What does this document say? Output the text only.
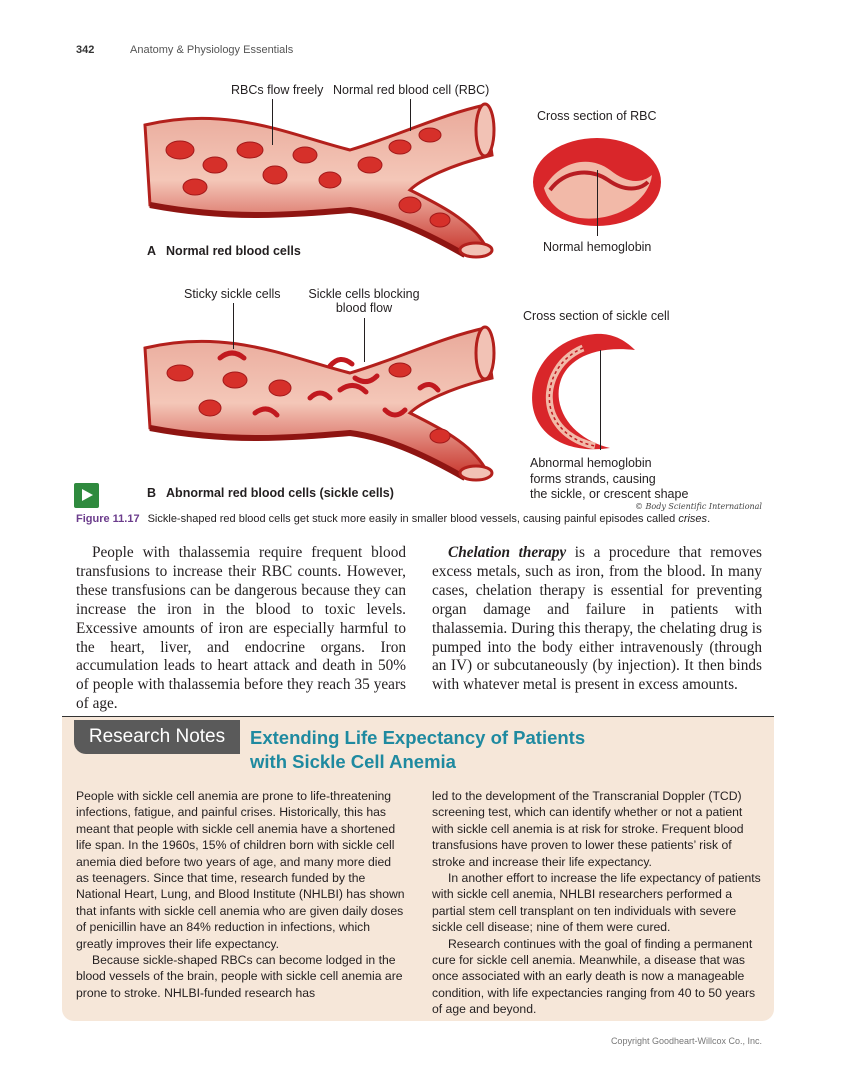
342	Anatomy & Physiology Essentials
RBCs flow freely Normal red blood cell (RBC)
Cross section of RBC
Normal hemoglobin
A Normal red blood cells
Sticky sickle cells	Sickle cells blocking
blood flow
Cross section of sickle cell
Abnormal hemoglobin
forms strands, causing
the sickle, or crescent shape
B Abnormal red blood cells (sickle cells)
© Body Scientific International
Figure 11.17 Sickle-shaped red blood cells get stuck more easily in smaller blood vessels, causing painful episodes called crises.

People with thalassemia require frequent blood transfusions to increase their RBC counts. However, these transfusions can be dangerous because they can increase the iron in the blood to toxic levels. Excessive amounts of iron are especially harmful to the heart, liver, and endocrine organs. Iron accumulation leads to heart attack and death in 50% of people with thalassemia before they reach 35 years of age.

Chelation therapy is a procedure that removes excess metals, such as iron, from the blood. In many cases, chelation therapy is essential for preventing organ damage and failure in patients with thalassemia. During this therapy, the chelating drug is pumped into the body either intravenously (through an IV) or subcutaneously (by injection). It then binds with whatever metal is present in excess amounts.

Research Notes	Extending Life Expectancy of Patients
with Sickle Cell Anemia

People with sickle cell anemia are prone to life-threatening infections, fatigue, and painful crises. Historically, this has meant that people with sickle cell anemia have a shortened life span. In the 1960s, 15% of children born with sickle cell anemia died before two years of age, and many more died as teenagers. Since that time, research funded by the National Heart, Lung, and Blood Institute (NHLBI) has shown that infants with sickle cell anemia who are given daily doses of penicillin have an 84% reduction in infections, which greatly improves their life expectancy.

Because sickle-shaped RBCs can become lodged in the blood vessels of the brain, people with sickle cell anemia are prone to stroke. NHLBI-funded research has

led to the development of the Transcranial Doppler (TCD) screening test, which can identify whether or not a patient with sickle cell anemia is at risk for stroke. Frequent blood transfusions have proven to lower these patients’ risk of stroke and increase their life expectancy.

In another effort to increase the life expectancy of patients with sickle cell anemia, NHLBI researchers performed a partial stem cell transplant on ten individuals with severe sickle cell disease; nine of them were cured.

Research continues with the goal of finding a permanent cure for sickle cell anemia. Meanwhile, a disease that was once associated with an early death is now a manageable condition, with life expectancies ranging from 40 to 50 years of age and beyond.

Copyright Goodheart-Willcox Co., Inc.
